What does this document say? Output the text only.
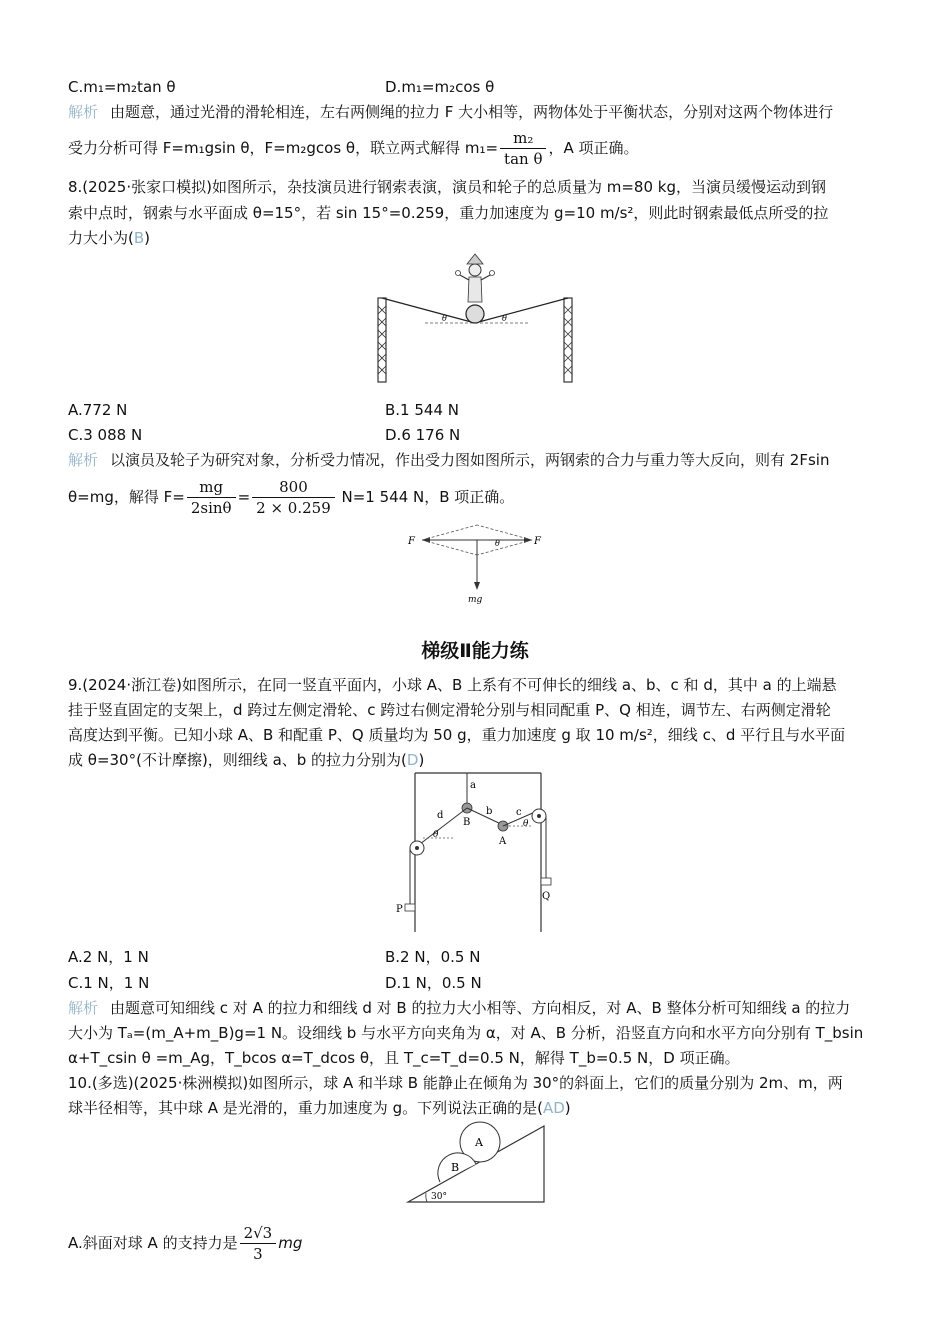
C.m₁=m₂tan θ	D.m₁=m₂cos θ
解析 由题意，通过光滑的滑轮相连，左右两侧绳的拉力 F 大小相等，两物体处于平衡状态，分别对这两个物体进行
受力分析可得 F=m₁gsin θ，F=m₂gcos θ，联立两式解得 $m_1= \frac{\text{m₂}}{\text{tan θ}}$ ，A 项正确。
8.(2025·张家口模拟)如图所示，杂技演员进行钢索表演，演员和轮子的总质量为 m=80 kg，当演员缓慢运动到钢
索中点时，钢索与水平面成 θ=15°，若 sin 15°=0.259，重力加速度为 g=10 m/s²，则此时钢索最低点所受的拉
力大小为(B)
θ	θ
A.772 N	B.1 544 N
C.3 088 N	D.6 176 N
解析 以演员及轮子为研究对象，分析受力情况，作出受力图如图所示，两钢索的合力与重力等大反向，则有 2Fsin
θ=mg，解得 $F= \frac{mg}{2\sin\theta} = \frac{800}{2 \times 0.259} N=1$ 544 N，B 项正确。
F	F
θ
mg
梯级Ⅱ能力练
9.(2024·浙江卷)如图所示，在同一竖直平面内，小球 A、B 上系有不可伸长的细线 a、b、c 和 d，其中 a 的上端悬
挂于竖直固定的支架上，d 跨过左侧定滑轮、c 跨过右侧定滑轮分别与相同配重 P、Q 相连，调节左、右两侧定滑轮
高度达到平衡。已知小球 A、B 和配重 P、Q 质量均为 50 g，重力加速度 g 取 10 m/s²，细线 c、d 平行且与水平面
成 θ=30°(不计摩擦)，则细线 a、b 的拉力分别为(D)
a
d	b c
B
A
P
Q
θ
θ
A.2 N，1 N	B.2 N，0.5 N
C.1 N，1 N	D.1 N，0.5 N
解析 由题意可知细线 c 对 A 的拉力和细线 d 对 B 的拉力大小相等、方向相反，对 A、B 整体分析可知细线 a 的拉力
大小为 Tₐ=(m_A+m_B)g=1 N。设细线 b 与水平方向夹角为 α，对 A、B 分析，沿竖直方向和水平方向分别有 T_bsin
α+T_csin θ =m_Ag，T_bcos α=T_dcos θ，且 T_c=T_d=0.5 N，解得 T_b=0.5 N，D 项正确。
10.(多选)(2025·株洲模拟)如图所示，球 A 和半球 B 能静止在倾角为 30°的斜面上，它们的质量分别为 2m、m，两
球半径相等，其中球 A 是光滑的，重力加速度为 g。下列说法正确的是(AD)
A
B
30°
A.斜面对球 A 的支持力是 $\frac{2√3}{3}$ mg
